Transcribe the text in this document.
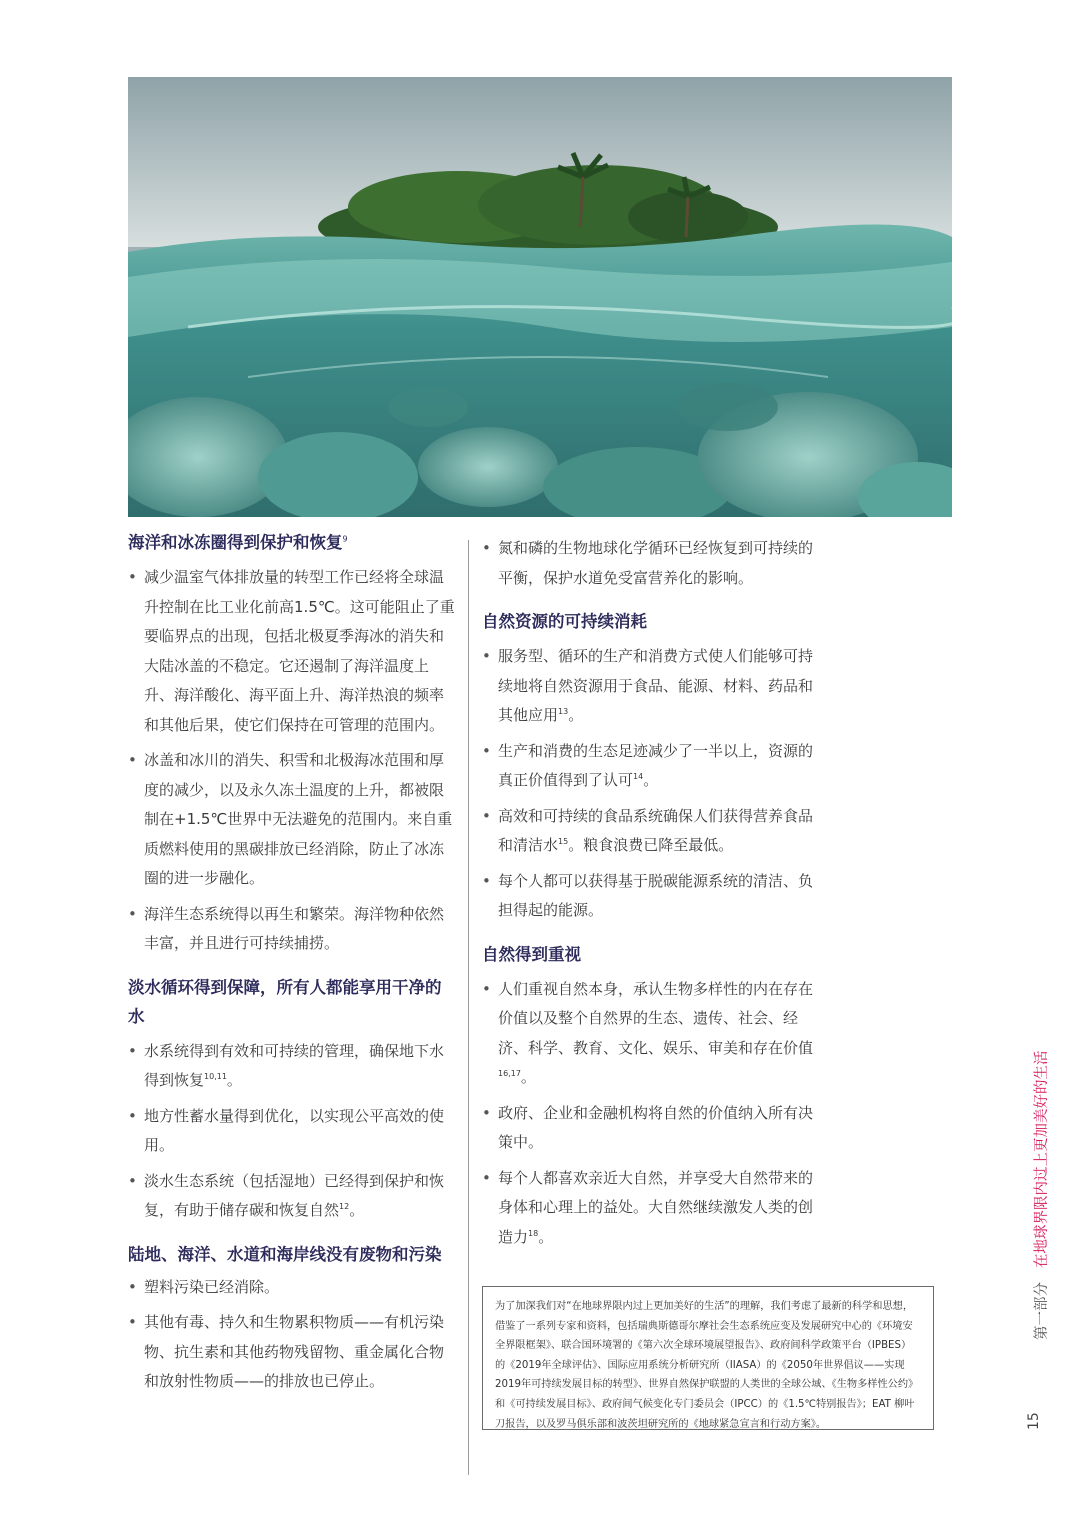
海洋和冰冻圈得到保护和恢复$^9$
• 减少温室气体排放量的转型工作已经将全球温升控制在比工业化前高1.5℃。这可能阻止了重要临界点的出现，包括北极夏季海冰的消失和大陆冰盖的不稳定。它还遏制了海洋温度上升、海洋酸化、海平面上升、海洋热浪的频率和其他后果，使它们保持在可管理的范围内。
• 冰盖和冰川的消失、积雪和北极海冰范围和厚度的减少，以及永久冻土温度的上升，都被限制在+1.5℃世界中无法避免的范围内。来自重质燃料使用的黑碳排放已经消除，防止了冰冻圈的进一步融化。
• 海洋生态系统得以再生和繁荣。海洋物种依然丰富，并且进行可持续捕捞。
淡水循环得到保障，所有人都能享用干净的水
• 水系统得到有效和可持续的管理，确保地下水得到恢复$^{10,11}$。
• 地方性蓄水量得到优化，以实现公平高效的使用。
• 淡水生态系统（包括湿地）已经得到保护和恢复，有助于储存碳和恢复自然$^{12}$。
陆地、海洋、水道和海岸线没有废物和污染
• 塑料污染已经消除。
• 其他有毒、持久和生物累积物质——有机污染物、抗生素和其他药物残留物、重金属化合物和放射性物质——的排放也已停止。
• 氮和磷的生物地球化学循环已经恢复到可持续的平衡，保护水道免受富营养化的影响。
自然资源的可持续消耗
• 服务型、循环的生产和消费方式使人们能够可持续地将自然资源用于食品、能源、材料、药品和其他应用$^{13}$。
• 生产和消费的生态足迹减少了一半以上，资源的真正价值得到了认可$^{14}$。
• 高效和可持续的食品系统确保人们获得营养食品和清洁水$^{15}$。粮食浪费已降至最低。
• 每个人都可以获得基于脱碳能源系统的清洁、负担得起的能源。
自然得到重视
• 人们重视自然本身，承认生物多样性的内在存在价值以及整个自然界的生态、遗传、社会、经济、科学、教育、文化、娱乐、审美和存在价值$^{16,17}$。
• 政府、企业和金融机构将自然的价值纳入所有决策中。
• 每个人都喜欢亲近大自然，并享受大自然带来的身体和心理上的益处。大自然继续激发人类的创造力$^{18}$。
为了加深我们对“在地球界限内过上更加美好的生活”的理解，我们考虑了最新的科学和思想，借鉴了一系列专家和资料，包括瑞典斯德哥尔摩社会生态系统应变及发展研究中心的《环境安全界限框架》、联合国环境署的《第六次全球环境展望报告》、政府间科学政策平台（IPBES）的《2019年全球评估》、国际应用系统分析研究所（IIASA）的《2050年世界倡议——实现2019年可持续发展目标的转型》、世界自然保护联盟的人类世的全球公域、《生物多样性公约》和《可持续发展目标》、政府间气候变化专门委员会（IPCC）的《1.5℃特别报告》；EAT 柳叶刀报告，以及罗马俱乐部和波茨坦研究所的《地球紧急宣言和行动方案》。
第一部分在地球界限内过上更加美好的生活
15
